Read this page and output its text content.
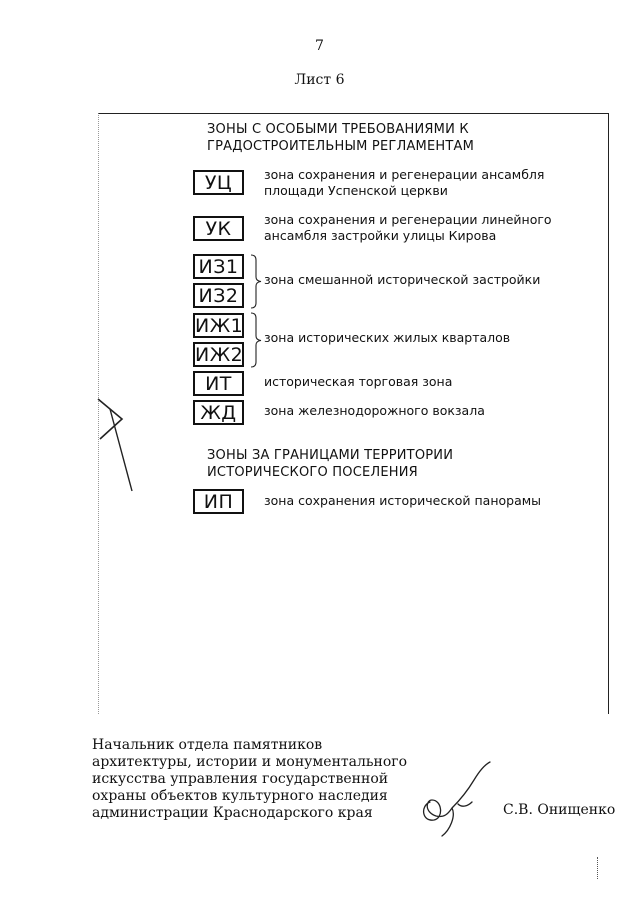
7
Лист 6
ЗОНЫ С ОСОБЫМИ ТРЕБОВАНИЯМИ К
ГРАДОСТРОИТЕЛЬНЫМ РЕГЛАМЕНТАМ
УЦ	зона сохранения и регенерации ансамбля
площади Успенской церкви
УК	зона сохранения и регенерации линейного
ансамбля застройки улицы Кирова
ИЗ1
ИЗ2
зона смешанной исторической застройки
ИЖ1
ИЖ2
зона исторических жилых кварталов
ИТ	историческая торговая зона
ЖД	зона железнодорожного вокзала
ЗОНЫ ЗА ГРАНИЦАМИ ТЕРРИТОРИИ
ИСТОРИЧЕСКОГО ПОСЕЛЕНИЯ
ИП	зона сохранения исторической панорамы

Начальник отдела памятников

архитектуры, истории и монументального

искусства управления государственной

охраны объектов культурного наследия

администрации Краснодарского края	С.В. Онищенко
